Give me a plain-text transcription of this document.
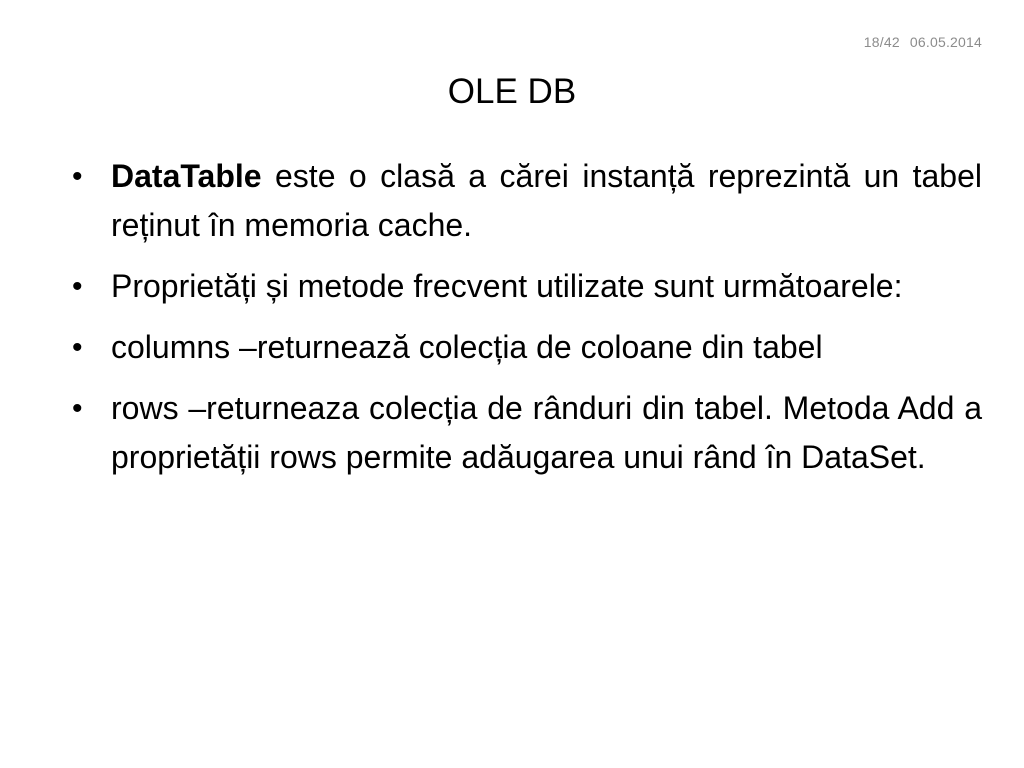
18/42 06.05.2014
OLE DB
• DataTable este o clasă a cărei instanță reprezintă un tabel reținut în memoria cache.
• Proprietăți și metode frecvent utilizate sunt următoarele:
• columns –returnează colecția de coloane din tabel
• rows –returneaza colecția de rânduri din tabel. Metoda Add a proprietății rows permite adăugarea unui rând în DataSet.
